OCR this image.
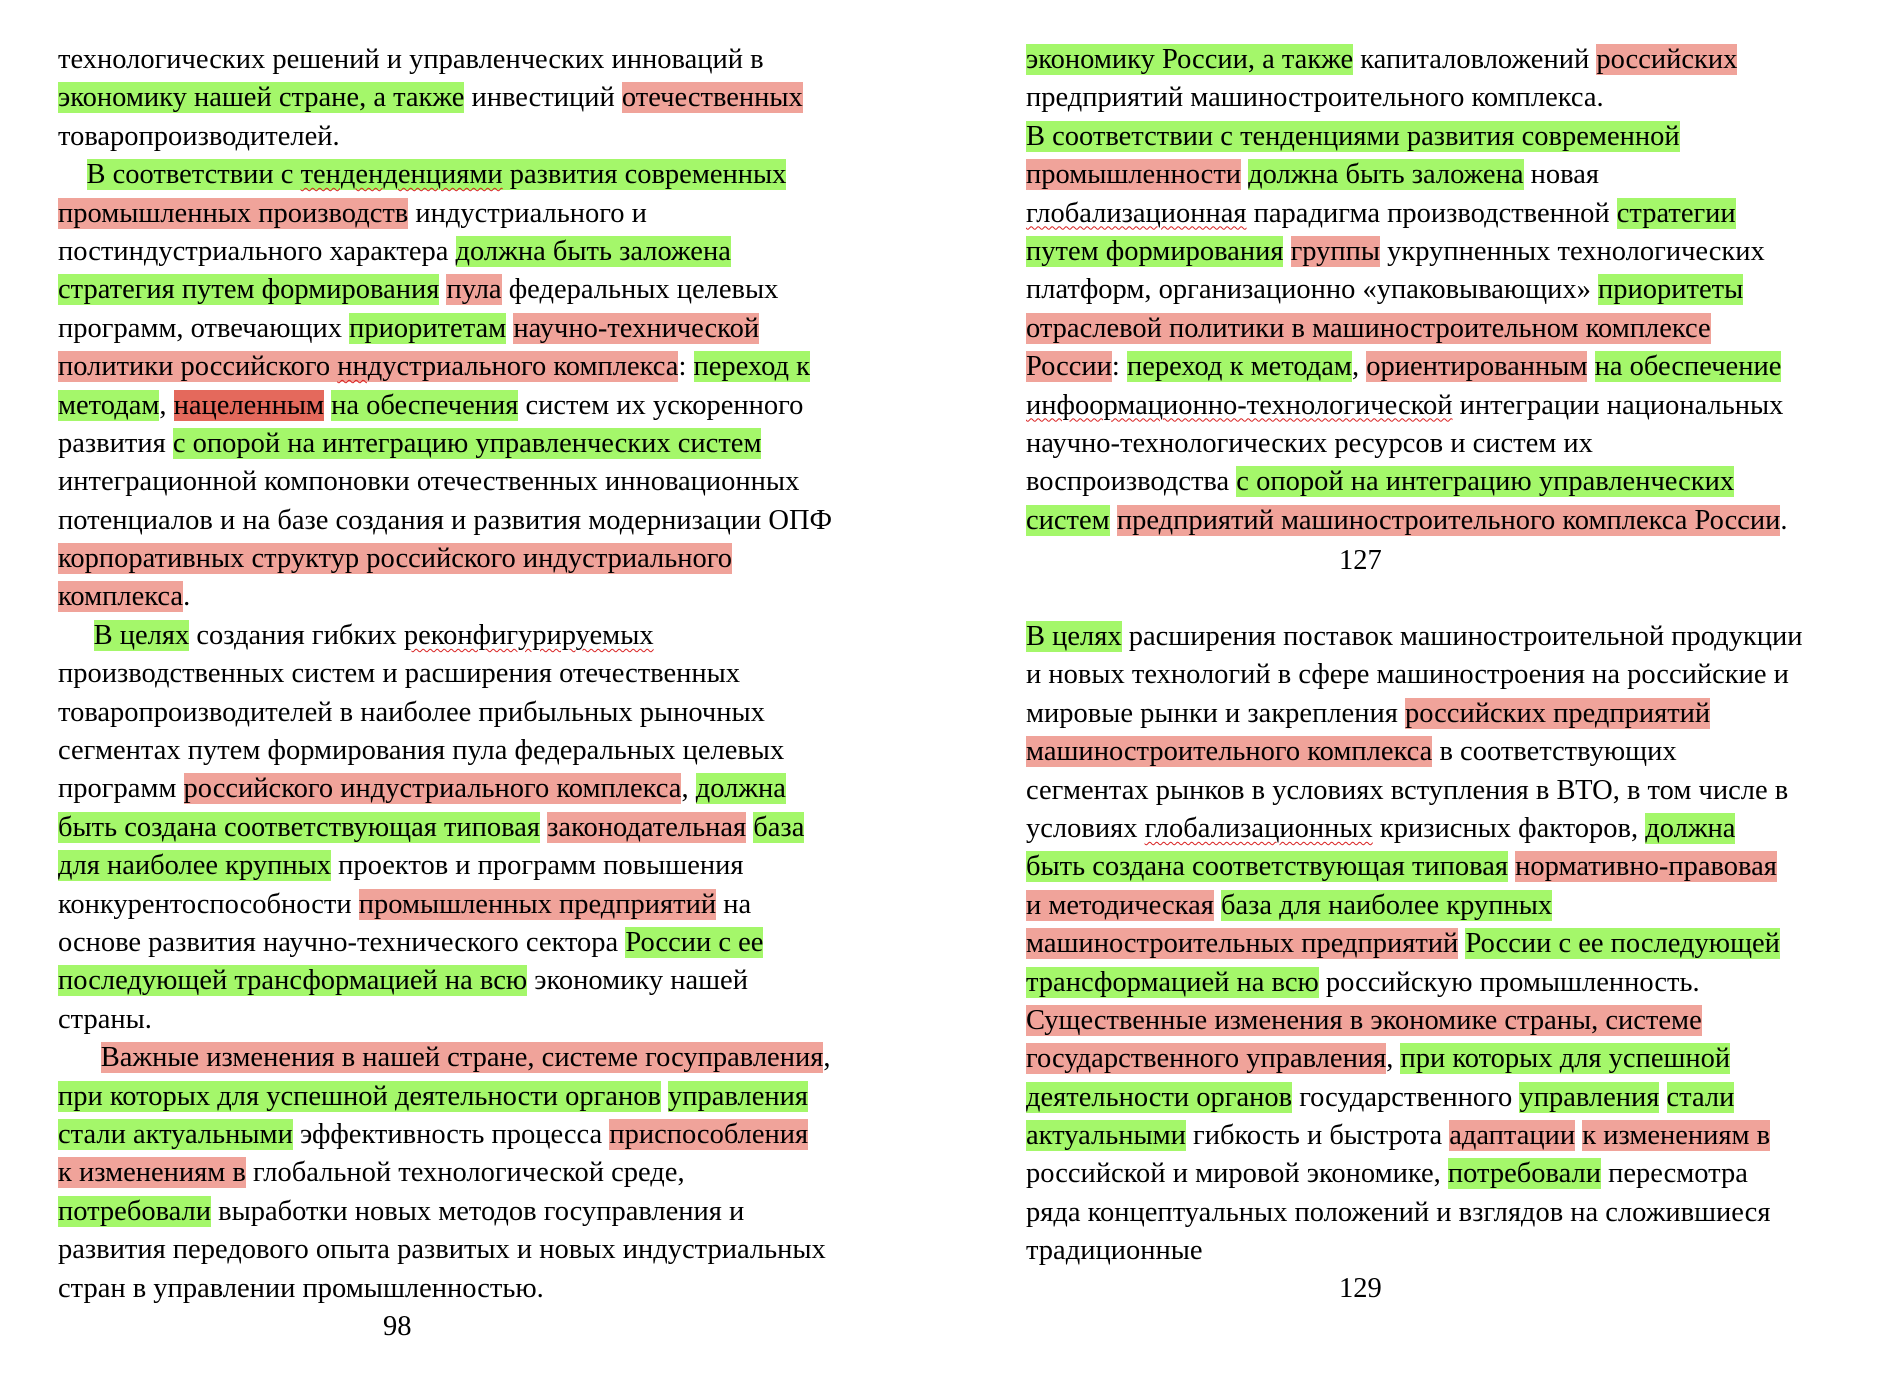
технологических решений и управленческих инноваций в
экономику нашей стране, а также инвестиций отечественных
товаропроизводителей.
В соответствии с тенденденциями развития современных
промышленных производств индустриального и
постиндустриального характера должна быть заложена
стратегия путем формирования пула федеральных целевых
программ, отвечающих приоритетам научно-технической
политики российского нндустриального комплекса: переход к
методам, нацеленным на обеспечения систем их ускоренного
развития с опорой на интеграцию управленческих систем
интеграционной компоновки отечественных инновационных
потенциалов и на базе создания и развития модернизации ОПФ
корпоративных структур российского индустриального
комплекса.
В целях создания гибких реконфигурируемых
производственных систем и расширения отечественных
товаропроизводителей в наиболее прибыльных рыночных
сегментах путем формирования пула федеральных целевых
программ российского индустриального комплекса, должна
быть создана соответствующая типовая законодательная база
для наиболее крупных проектов и программ повышения
конкурентоспособности промышленных предприятий на
основе развития научно-технического сектора России с ее
последующей трансформацией на всю экономику нашей
страны.
Важные изменения в нашей стране, системе госуправления,
при которых для успешной деятельности органов управления
стали актуальными эффективность процесса приспособления
к изменениям в глобальной технологической среде,
потребовали выработки новых методов госуправления и
развития передового опыта развитых и новых индустриальных
стран в управлении промышленностью.
98
экономику России, а также капиталовложений российских
предприятий машиностроительного комплекса.
В соответствии с тенденциями развития современной
промышленности должна быть заложена новая
глобализационная парадигма производственной стратегии
путем формирования группы укрупненных технологических
платформ, организационно «упаковывающих» приоритеты
отраслевой политики в машиностроительном комплексе
России: переход к методам, ориентированным на обеспечение
инфоормационно-технологической интеграции национальных
научно-технологических ресурсов и систем их
воспроизводства с опорой на интеграцию управленческих
систем предприятий машиностроительного комплекса России.
127
В целях расширения поставок машиностроительной продукции
и новых технологий в сфере машиностроения на российские и
мировые рынки и закрепления российских предприятий
машиностроительного комплекса в соответствующих
сегментах рынков в условиях вступления в ВТО, в том числе в
условиях глобализационных кризисных факторов, должна
быть создана соответствующая типовая нормативно-правовая
и методическая база для наиболее крупных
машиностроительных предприятий России с ее последующей
трансформацией на всю российскую промышленность.
Существенные изменения в экономике страны, системе
государственного управления, при которых для успешной
деятельности органов государственного управления стали
актуальными гибкость и быстрота адаптации к изменениям в
российской и мировой экономике, потребовали пересмотра
ряда концептуальных положений и взглядов на сложившиеся
традиционные
129
